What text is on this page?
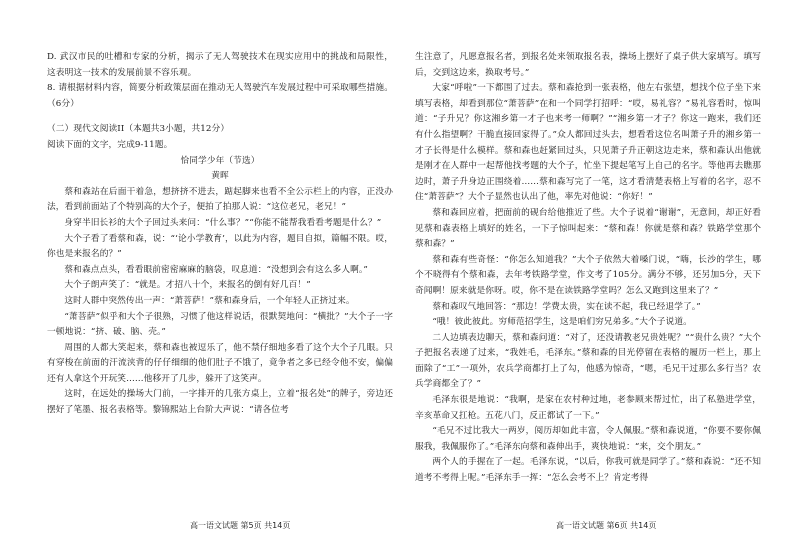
D. 武汉市民的吐槽和专家的分析，揭示了无人驾驶技术在现实应用中的挑战和局限性，这表明这一技术的发展前景不容乐观。

8. 请根据材料内容，简要分析政策层面在推动无人驾驶汽车发展过程中可采取哪些措施。（6分）

（二）现代文阅读II（本题共3小题，共12分）

阅读下面的文字，完成9-11题。

恰同学少年（节选）

黄晖

蔡和森站在后面干着急，想挤挤不进去，踮起脚来也看不全公示栏上的内容，正没办法，看到前面站了个特别高的大个子，便拍了拍那人说：“这位老兄，老兄！”

身穿半旧长衫的大个子回过头来问：“什么事？”“你能不能帮我看看考题是什么？”

大个子看了看蔡和森，说：“‘论小学教育’，以此为内容，题目自拟，篇幅不限。哎，你也是来报名的？”

蔡和森点点头，看看眼前密密麻麻的脑袋，叹息道：“没想到会有这么多人啊。”

大个子朗声笑了：“就是。才招八十个，来报名的倒有好几百！”

这时人群中突然传出一声：“萧菩萨！”蔡和森身后，一个年轻人正挤过来。

“萧菩萨”似乎和大个子很熟，习惯了他这样说话，很默契地问：“横批？”大个子一字一顿地说：“挤、破、脑、壳。”

周围的人都大笑起来，蔡和森也被逗乐了，他不禁仔细地多看了这个大个子几眼。只有穿梭在前面的汗流浃背的仔仔细细的他们肚子不饿了，竟争者之多已经令他不安，偏偏还有人拿这个开玩笑……他移开了几步，躲开了这笑声。

这时，在远处的操场大门前，一字排开的几张方桌上，立着“报名处”的牌子，旁边还摆好了笔墨、报名表格等。黎锦熙站上台阶大声说：“请各位考

生注意了，凡愿意报名者，到报名处来领取报名表，操场上摆好了桌子供大家填写。填写后，交到这边来，换取考号。”

大家“呼啦”一下都围了过去。蔡和森抢到一张表格，他左右张望，想找个位子坐下来填写表格，却看到那位“萧菩萨”在和一个同学打招呼：“哎，易礼容？”易礼容看时，惊叫道：“子升兄？你这湘乡第一才子也来考一师啊？”“湘乡第一才子？你这一跑来，我们还有什么指望啊？干脆直接回家得了。”众人都回过头去，想看看这位名叫萧子升的湘乡第一才子长得是什么模样。蔡和森也赶紧回过头，只见萧子升正朝这边走来，蔡和森认出他就是刚才在人群中一起帮他找考题的大个子，忙坐下提起笔写上自己的名字。等他再去瞧那边时，萧子升身边正围绕着……蔡和森写完了一笔，这才看清楚表格上写着的名字，忍不住“萧菩萨”？大个子显然也认出了他，率先对他说：“你好！”

蔡和森回应着，把面前的砚台给他推近了些。大个子说着“谢谢”，无意间，却正好看见蔡和森表格上填好的姓名，一下子惊叫起来：“蔡和森！你就是蔡和森？铁路学堂那个蔡和森？”

蔡和森有些奇怪：“你怎么知道我？”大个子依然大着嗓门说，“嗨，长沙的学生，哪个不晓得有个蔡和森，去年考铁路学堂，作文考了105分。满分不够，还另加5分，天下奇闻啊！原来就是你呀。哎，你不是在读铁路学堂吗？怎么又跑到这里来了？”

蔡和森叹气地回答：“那边！学费太贵，实在读不起，我已经退学了。”

“哦！彼此彼此。穷师范招学生，这是咱们穷兄弟多。”大个子说道。

二人边填表边聊天，蔡和森问道：“对了，还没请教老兄贵姓呢？”“贵什么贵？”大个子把报名表递了过来，“我姓毛，毛泽东。”蔡和森的目光停留在表格的履历一栏上，那上面除了“工”一项外，农兵学商都打上了勾，他感为惊奇，“嗯，毛兄干过那么多行当？农兵学商都全了？”

毛泽东很是地说：“我啊，是家在农村种过地，老参顾来帮过忙，出了私塾进学堂，辛亥革命又扛枪。五花八门，反正都试了一下。”

“毛兄不过比我大一两岁，阅历却如此丰富，令人佩服。”蔡和森说道，“你要不要你佩服我，我佩服你了。”毛泽东向蔡和森伸出手，爽快地说：“来，交个朋友。”

两个人的手握在了一起。毛泽东说，“以后，你我可就是同学了。”蔡和森说：“还不知道考不考得上呢。”毛泽东手一挥：“怎么会考不上？肯定考得

高一语文试题 第5页 共14页	高一语文试题 第6页 共14页
